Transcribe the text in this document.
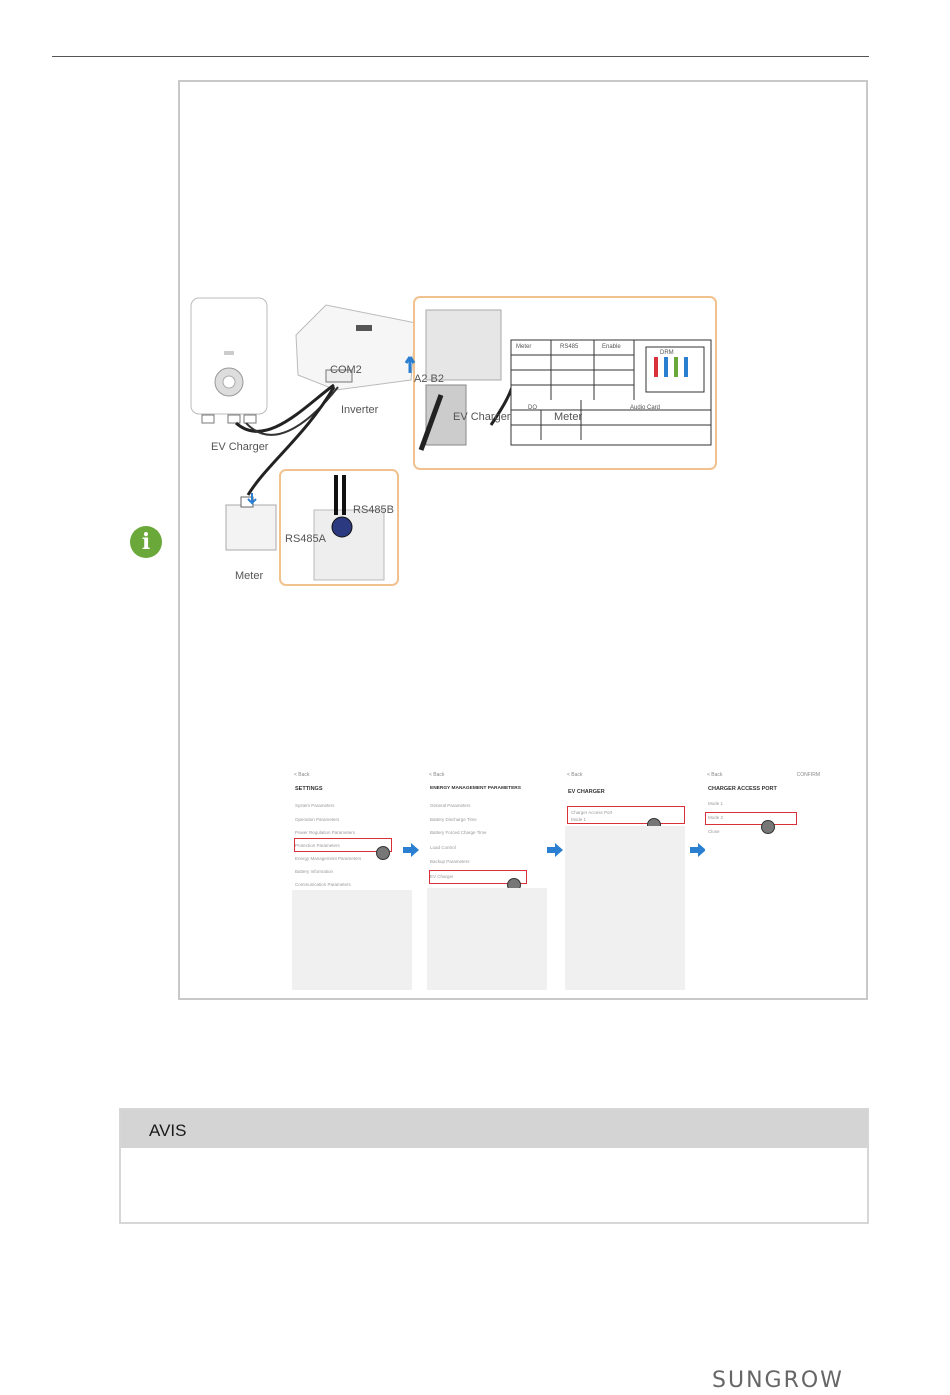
i
COM2
Inverter
EV Charger
EV Charger	Meter
Meter
RS485A
RS485B
A2 B2
Meter	RS485	Enable
DRM
DO	Audio Card
< Back
SETTINGS
System Parameters
Operation Parameters
Power Regulation Parameters
Protection Parameters
Energy Management Parameters
Battery Information
Communication Parameters
< Back
ENERGY MANAGEMENT PARAMETERS
General Parameters
Battery Discharge Time
Battery Forced Charge Time
Load Control
Backup Parameters
EV Charger
< Back
EV CHARGER
Charger Access Port
Mode 1
< Back	CONFIRM
CHARGER ACCESS PORT
Mode 1
Mode 2
Close
AVIS
SUNGROW
